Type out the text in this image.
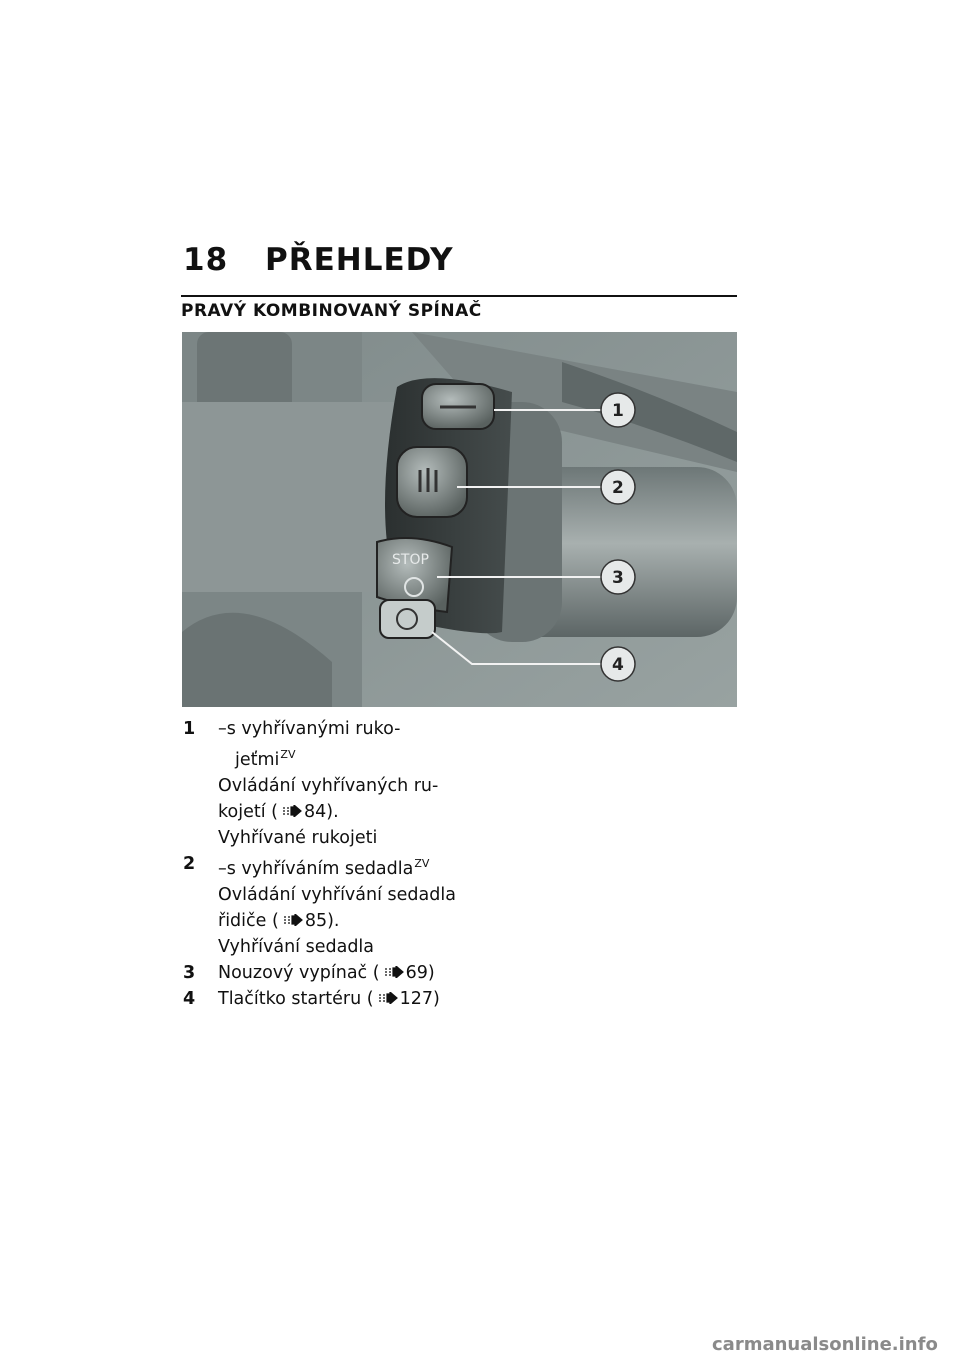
18 PŘEHLEDY
PRAVÝ KOMBINOVANÝ SPÍNAČ
STOP
1
2
3
4
1 –s vyhřívanými ruko-
jeťmi$^{ZV}$
Ovládání vyhřívaných ru-
kojetí ( 84).
Vyhřívané rukojeti
2 –s vyhříváním sedadla$^{ZV}$
Ovládání vyhřívání sedadla
řidiče ( 85).
Vyhřívání sedadla
3 Nouzový vypínač ( 69)
4 Tlačítko startéru ( 127)
carmanualsonline.info
